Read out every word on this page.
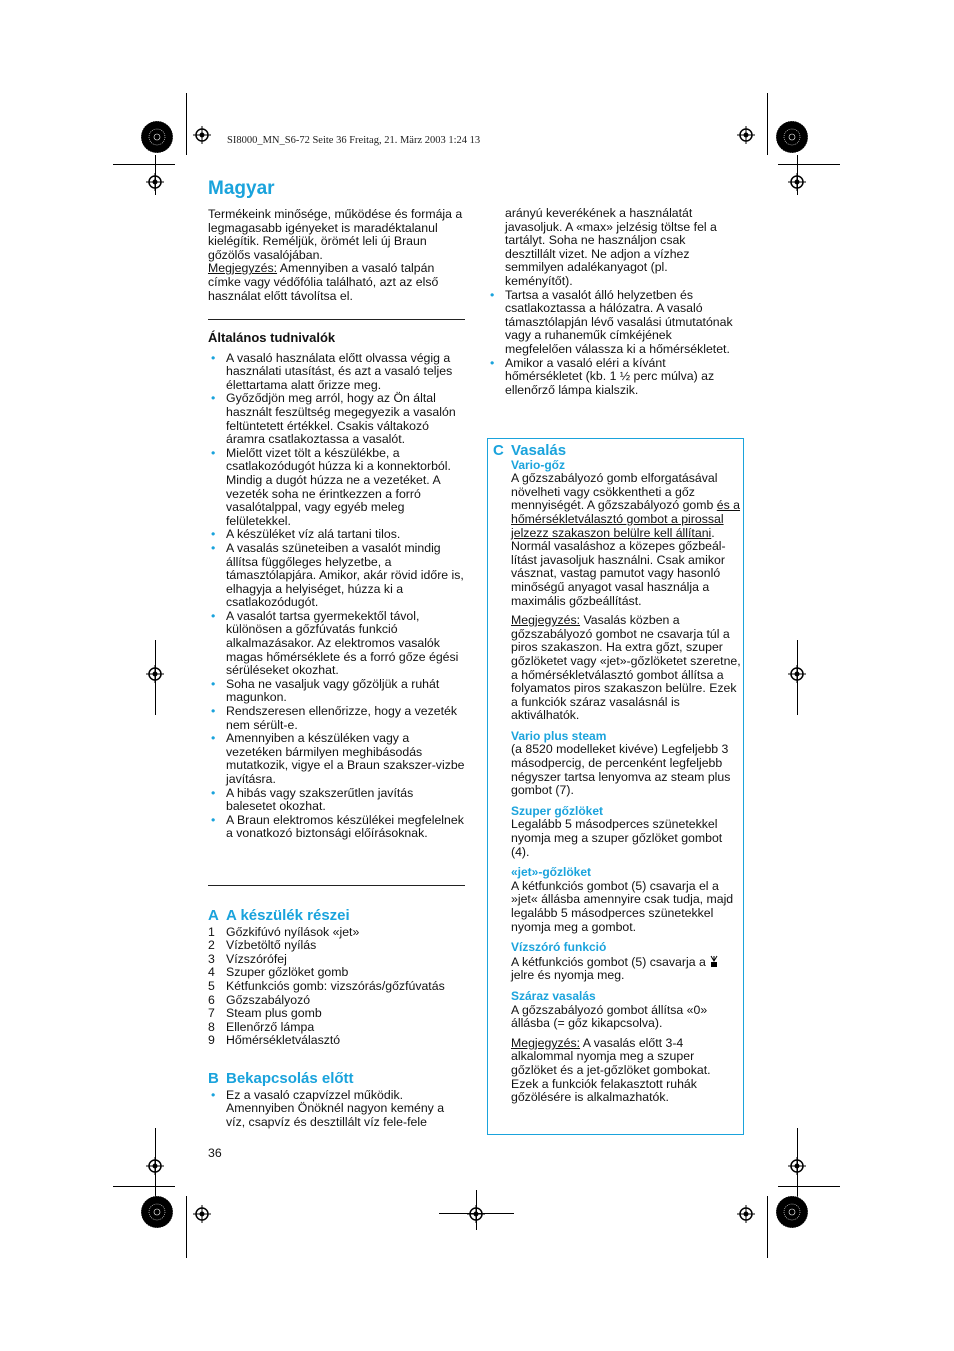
SI8000_MN_S6-72 Seite 36 Freitag, 21. März 2003 1:24 13
Magyar

Termékeink minősége, működése és formája a legmagasabb igényeket is maradéktalanul kielégítik. Reméljük, örömét leli új Braun gőzölős vasalójában.
Megjegyzés: Amennyiben a vasaló talpán címke vagy védőfólia található, azt az első használat előtt távolítsa el.

Általános tudnivalók

• A vasaló használata előtt olvassa végig a használati utasítást, és azt a vasaló teljes élettartama alatt őrizze meg.
• Győződjön meg arról, hogy az Ön által használt feszültség megegyezik a vasalón feltüntetett értékkel. Csakis váltakozó áramra csatlakoztassa a vasalót.
• Mielőtt vizet tölt a készülékbe, a csatlakozódugót húzza ki a konnektorból. Mindig a dugót húzza ne a vezetéket. A vezeték soha ne érintkezzen a forró vasalótalppal, vagy egyéb meleg felületekkel.
• A készüléket víz alá tartani tilos.
• A vasalás szüneteiben a vasalót mindig állítsa függőleges helyzetbe, a támasztólapjára. Amikor, akár rövid időre is, elhagyja a helyiséget, húzza ki a csatlakozódugót.
• A vasalót tartsa gyermekektől távol, különösen a gőzfúvatás funkció alkalmazásakor. Az elektromos vasalók magas hőmérséklete és a forró gőze égési sérüléseket okozhat.
• Soha ne vasaljuk vagy gőzöljük a ruhát magunkon.
• Rendszeresen ellenőrizze, hogy a vezeték nem sérült-e.
• Amennyiben a készüléken vagy a vezetéken bármilyen meghibásodás mutatkozik, vigye el a Braun szakszer-vizbe javításra.
• A hibás vagy szakszerűtlen javítás balesetet okozhat.
• A Braun elektromos készülékei megfelelnek a vonatkozó biztonsági előírásoknak.

A A készülék részei

1 Gőzkifúvó nyílások «jet»
2 Vízbetöltő nyílás
3 Vízszórófej
4 Szuper gőzlöket gomb
5 Kétfunkciós gomb: vizszórás/gőzfúvatás
6 Gőzszabályozó
7 Steam plus gomb
8 Ellenőrző lámpa
9 Hőmérsékletválasztó

B Bekapcsolás előtt

• Ez a vasaló czapvízzel működik. Amennyiben Önöknél nagyon kemény a víz, csapvíz és desztillált víz fele-fele
36

arányú keverékének a használatát javasoljuk. A «max» jelzésig töltse fel a tartályt. Soha ne használjon csak desztillált vizet. Ne adjon a vízhez semmilyen adalékanyagot (pl. keményítőt).

• Tartsa a vasalót álló helyzetben és csatlakoztassa a hálózatra. A vasaló támasztólapján lévő vasalási útmutatónak vagy a ruhaneműk címkéjének megfelelően válassza ki a hőmérsékletet.
• Amikor a vasaló eléri a kívánt hőmérsékletet (kb. 1 ½ perc múlva) az ellenőrző lámpa kialszik.

C Vasalás

Vario-gőz

A gőzszabályozó gomb elforgatásával növelheti vagy csökkentheti a gőz mennyiségét. A gőzszabályozó gomb és a hőmérsékletválasztó gombot a pirossal jelzezz szakaszon belülre kell állítani.

Normál vasaláshoz a közepes gőzbeál-lítást javasoljuk használni. Csak amikor vásznat, vastag pamutot vagy hasonló minőségű anyagot vasal használja a maximális gőzbeállítást.

Megjegyzés: Vasalás közben a gőzszabályozó gombot ne csavarja túl a piros szakaszon. Ha extra gőzt, szuper gőzlöketet vagy «jet»-gőzlöketet szeretne, a hőmérsékletválasztó gombot állítsa a folyamatos piros szakaszon belülre. Ezek a funkciók száraz vasalásnál is aktiválhatók.

Vario plus steam

(a 8520 modelleket kivéve) Legfeljebb 3 másodpercig, de percenként legfeljebb négyszer tartsa lenyomva az steam plus gombot (7).

Szuper gőzlöket

Legalább 5 másodperces szünetekkel nyomja meg a szuper gőzlöket gombot (4).

«jet»-gőzlöket

A kétfunkciós gombot (5) csavarja el a »jet« állásba amennyire csak tudja, majd legalább 5 másodperces szünetekkel nyomja meg a gombot.

Vízszóró funkció

A kétfunkciós gombot (5) csavarja a  jelre és nyomja meg.

Száraz vasalás

A gőzszabályozó gombot állítsa «0» állásba (= gőz kikapcsolva).

Megjegyzés: A vasalás előtt 3-4 alkalommal nyomja meg a szuper gőzlöket és a jet-gőzlöket gombokat. Ezek a funkciók felakasztott ruhák gőzölésére is alkalmazhatók.
